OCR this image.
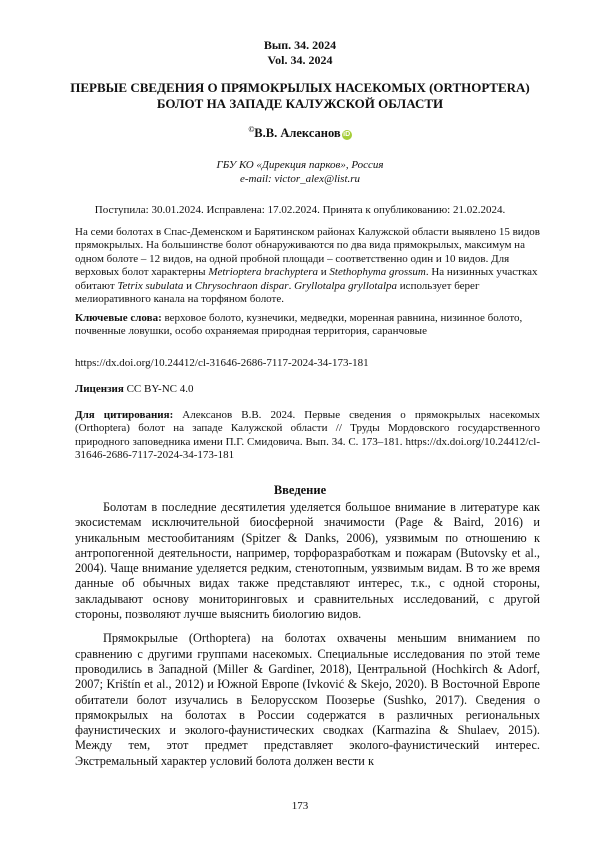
Вып. 34. 2024
Vol. 34. 2024
ПЕРВЫЕ СВЕДЕНИЯ О ПРЯМОКРЫЛЫХ НАСЕКОМЫХ (ORTHOPTERA) БОЛОТ НА ЗАПАДЕ КАЛУЖСКОЙ ОБЛАСТИ
©В.В. Алексанов iD
ГБУ КО «Дирекция парков», Россия
e-mail: victor_alex@list.ru
Поступила: 30.01.2024. Исправлена: 17.02.2024. Принята к опубликованию: 21.02.2024.

На семи болотах в Спас-Деменском и Барятинском районах Калужской области выявлено 15 видов прямокрылых. На большинстве болот обнаруживаются по два вида прямокрылых, максимум на одном болоте – 12 видов, на одной пробной площади – соответственно один и 10 видов. Для верховых болот характерны Metrioptera brachyptera и Stethophyma grossum. На низинных участках обитают Tetrix subulata и Chrysochraon dispar. Gryllotalpa gryllotalpa использует берег мелиоративного канала на торфяном болоте.

Ключевые слова: верховое болото, кузнечики, медведки, моренная равнина, низинное болото, почвенные ловушки, особо охраняемая природная территория, саранчовые
https://dx.doi.org/10.24412/cl-31646-2686-7117-2024-34-173-181
Лицензия CC BY-NC 4.0
Для цитирования: Алексанов В.В. 2024. Первые сведения о прямокрылых насекомых (Orthoptera) болот на западе Калужской области // Труды Мордовского государственного природного заповедника имени П.Г. Смидовича. Вып. 34. С. 173–181. https://dx.doi.org/10.24412/cl-31646-2686-7117-2024-34-173-181
Введение

Болотам в последние десятилетия уделяется большое внимание в литературе как экосистемам исключительной биосферной значимости (Page & Baird, 2016) и уникальным местообитаниям (Spitzer & Danks, 2006), уязвимым по отношению к антропогенной деятельности, например, торфоразработкам и пожарам (Butovsky et al., 2004). Чаще внимание уделяется редким, стенотопным, уязвимым видам. В то же время данные об обычных видах также представляют интерес, т.к., с одной стороны, закладывают основу мониторинговых и сравнительных исследований, с другой стороны, позволяют лучше выяснить биологию видов.

Прямокрылые (Orthoptera) на болотах охвачены меньшим вниманием по сравнению с другими группами насекомых. Специальные исследования по этой теме проводились в Западной (Miller & Gardiner, 2018), Центральной (Hochkirch & Adorf, 2007; Krištín et al., 2012) и Южной Европе (Ivković & Skejo, 2020). В Восточной Европе обитатели болот изучались в Белорусском Поозерье (Sushko, 2017). Сведения о прямокрылых на болотах в России содержатся в различных региональных фаунистических и эколого-фаунистических сводках (Karmazina & Shulaev, 2015). Между тем, этот предмет представляет эколого-фаунистический интерес. Экстремальный характер условий болота должен вести к

173
